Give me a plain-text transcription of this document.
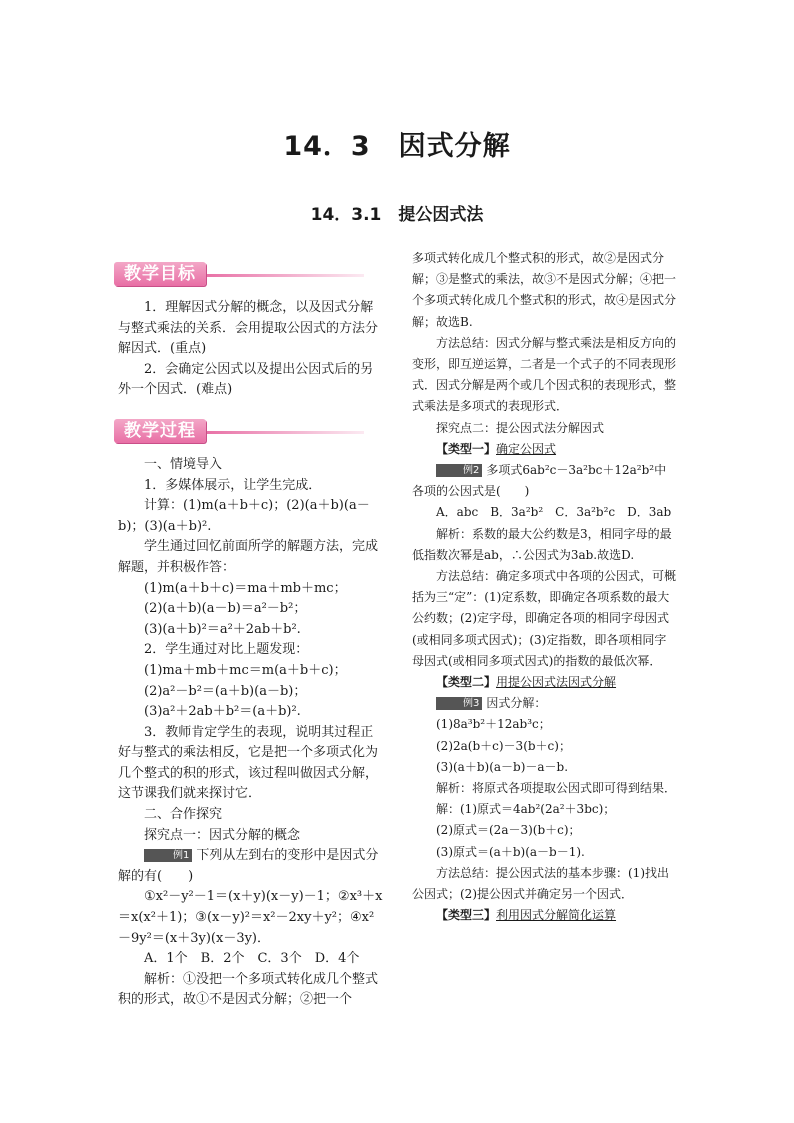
14．3　因式分解
14．3.1　提公因式法
教学目标

1．理解因式分解的概念，以及因式分解与整式乘法的关系．会用提取公因式的方法分解因式．(重点)

2．会确定公因式以及提出公因式后的另外一个因式．(难点)

教学过程

一、情境导入

1．多媒体展示，让学生完成．

计算：(1)m(a＋b＋c)；(2)(a＋b)(a－b)；(3)(a＋b)².

学生通过回忆前面所学的解题方法，完成解题，并积极作答：

(1)m(a＋b＋c)＝ma＋mb＋mc；

(2)(a＋b)(a－b)＝a²－b²；

(3)(a＋b)²＝a²＋2ab＋b².

2．学生通过对比上题发现：

(1)ma＋mb＋mc＝m(a＋b＋c)；

(2)a²－b²＝(a＋b)(a－b)；

(3)a²＋2ab＋b²＝(a＋b)².

3．教师肯定学生的表现，说明其过程正好与整式的乘法相反，它是把一个多项式化为几个整式的积的形式，该过程叫做因式分解，这节课我们就来探讨它．

二、合作探究

探究点一：因式分解的概念

例1 下列从左到右的变形中是因式分解的有(　　)

①x²－y²－1＝(x＋y)(x－y)－1；②x³＋x＝x(x²＋1)；③(x－y)²＝x²－2xy＋y²；④x²－9y²＝(x＋3y)(x－3y)．

A．1个　B．2个　C．3个　D．4个

解析：①没把一个多项式转化成几个整式积的形式，故①不是因式分解；②把一个

多项式转化成几个整式积的形式，故②是因式分解；③是整式的乘法，故③不是因式分解；④把一个多项式转化成几个整式积的形式，故④是因式分解；故选B.

方法总结：因式分解与整式乘法是相反方向的变形，即互逆运算，二者是一个式子的不同表现形式．因式分解是两个或几个因式积的表现形式，整式乘法是多项式的表现形式．

探究点二：提公因式法分解因式

【类型一】确定公因式

例2 多项式6ab²c－3a²bc＋12a²b²中各项的公因式是(　　)

A．abc　B．3a²b²　C．3a²b²c　D．3ab

解析：系数的最大公约数是3，相同字母的最低指数次幂是ab，∴公因式为3ab.故选D.

方法总结：确定多项式中各项的公因式，可概括为三“定”：(1)定系数，即确定各项系数的最大公约数；(2)定字母，即确定各项的相同字母因式(或相同多项式因式)；(3)定指数，即各项相同字母因式(或相同多项式因式)的指数的最低次幂．

【类型二】用提公因式法因式分解

例3 因式分解：

(1)8a³b²＋12ab³c；

(2)2a(b＋c)－3(b＋c)；

(3)(a＋b)(a－b)－a－b.

解析：将原式各项提取公因式即可得到结果．

解：(1)原式＝4ab²(2a²＋3bc)；

(2)原式＝(2a－3)(b＋c)；

(3)原式＝(a＋b)(a－b－1).

方法总结：提公因式法的基本步骤：(1)找出公因式；(2)提公因式并确定另一个因式．

【类型三】利用因式分解简化运算
